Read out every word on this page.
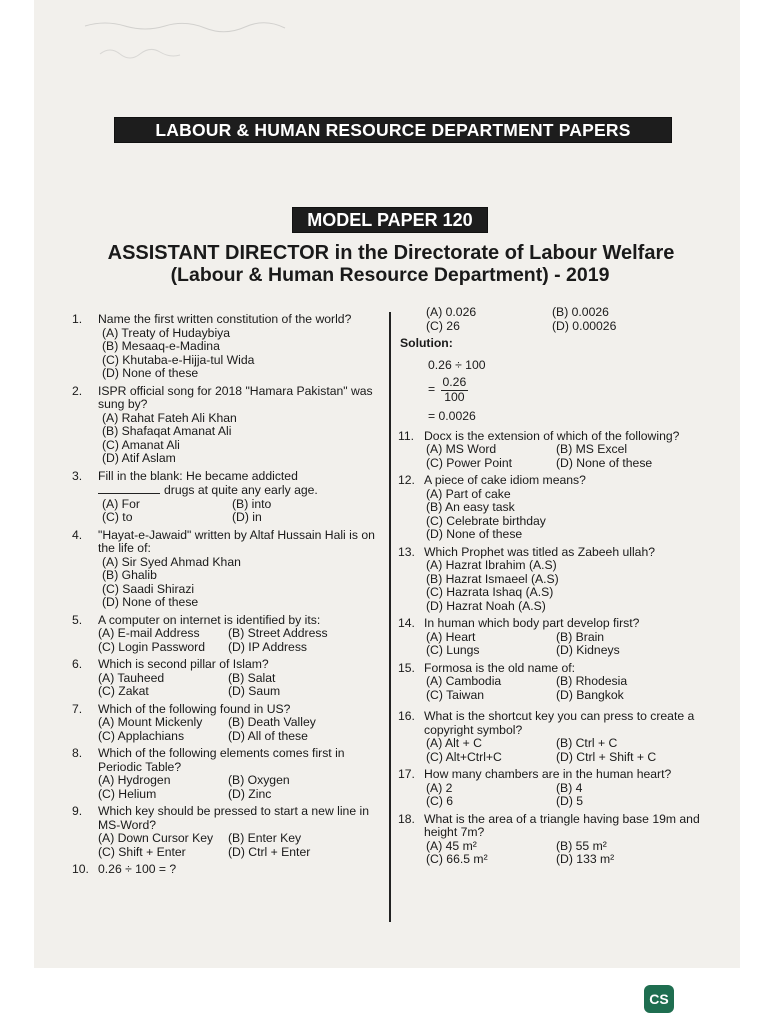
LABOUR & HUMAN RESOURCE DEPARTMENT PAPERS
MODEL PAPER 120
ASSISTANT DIRECTOR in the Directorate of Labour Welfare
(Labour & Human Resource Department) - 2019
1.	Name the first written constitution of the world?
(A) Treaty of Hudaybiya
(B) Mesaaq-e-Madina
(C) Khutaba-e-Hijja-tul Wida
(D) None of these
2.	ISPR official song for 2018 "Hamara Pakistan" was sung by?
(A) Rahat Fateh Ali Khan
(B) Shafaqat Amanat Ali
(C) Amanat Ali
(D) Atif Aslam
3.	Fill in the blank: He became addicted
drugs at quite any early age.
(A) For	(B) into
(C) to	(D) in
4.	"Hayat-e-Jawaid" written by Altaf Hussain Hali is on the life of:
(A) Sir Syed Ahmad Khan
(B) Ghalib
(C) Saadi Shirazi
(D) None of these
5.	A computer on internet is identified by its:
(A) E-mail Address	(B) Street Address
(C) Login Password	(D) IP Address
6.	Which is second pillar of Islam?
(A) Tauheed	(B) Salat
(C) Zakat	(D) Saum
7.	Which of the following found in US?
(A) Mount Mickenly	(B) Death Valley
(C) Applachians	(D) All of these
8.	Which of the following elements comes first in Periodic Table?
(A) Hydrogen	(B) Oxygen
(C) Helium	(D) Zinc
9.	Which key should be pressed to start a new line in MS-Word?
(A) Down Cursor Key	(B) Enter Key
(C) Shift + Enter	(D) Ctrl + Enter
10. 0.26 ÷ 100 = ?
(A) 0.026	(B) 0.0026
(C) 26	(D) 0.00026
Solution:
0.26 ÷ 100
= $\frac{0.26}{100}$
= 0.0026
11. Docx is the extension of which of the following?
(A) MS Word	(B) MS Excel
(C) Power Point	(D) None of these
12. A piece of cake idiom means?
(A) Part of cake
(B) An easy task
(C) Celebrate birthday
(D) None of these
13. Which Prophet was titled as Zabeeh ullah?
(A) Hazrat Ibrahim (A.S)
(B) Hazrat Ismaeel (A.S)
(C) Hazrata Ishaq (A.S)
(D) Hazrat Noah (A.S)
14. In human which body part develop first?
(A) Heart	(B) Brain
(C) Lungs	(D) Kidneys
15. Formosa is the old name of:
(A) Cambodia	(B) Rhodesia
(C) Taiwan	(D) Bangkok
16. What is the shortcut key you can press to create a copyright symbol?
(A) Alt + C	(B) Ctrl + C
(C) Alt+Ctrl+C	(D) Ctrl + Shift + C
17. How many chambers are in the human heart?
(A) 2	(B) 4
(C) 6	(D) 5
18. What is the area of a triangle having base 19m and height 7m?
(A) 45 m²	(B) 55 m²
(C) 66.5 m²	(D) 133 m²
CS
